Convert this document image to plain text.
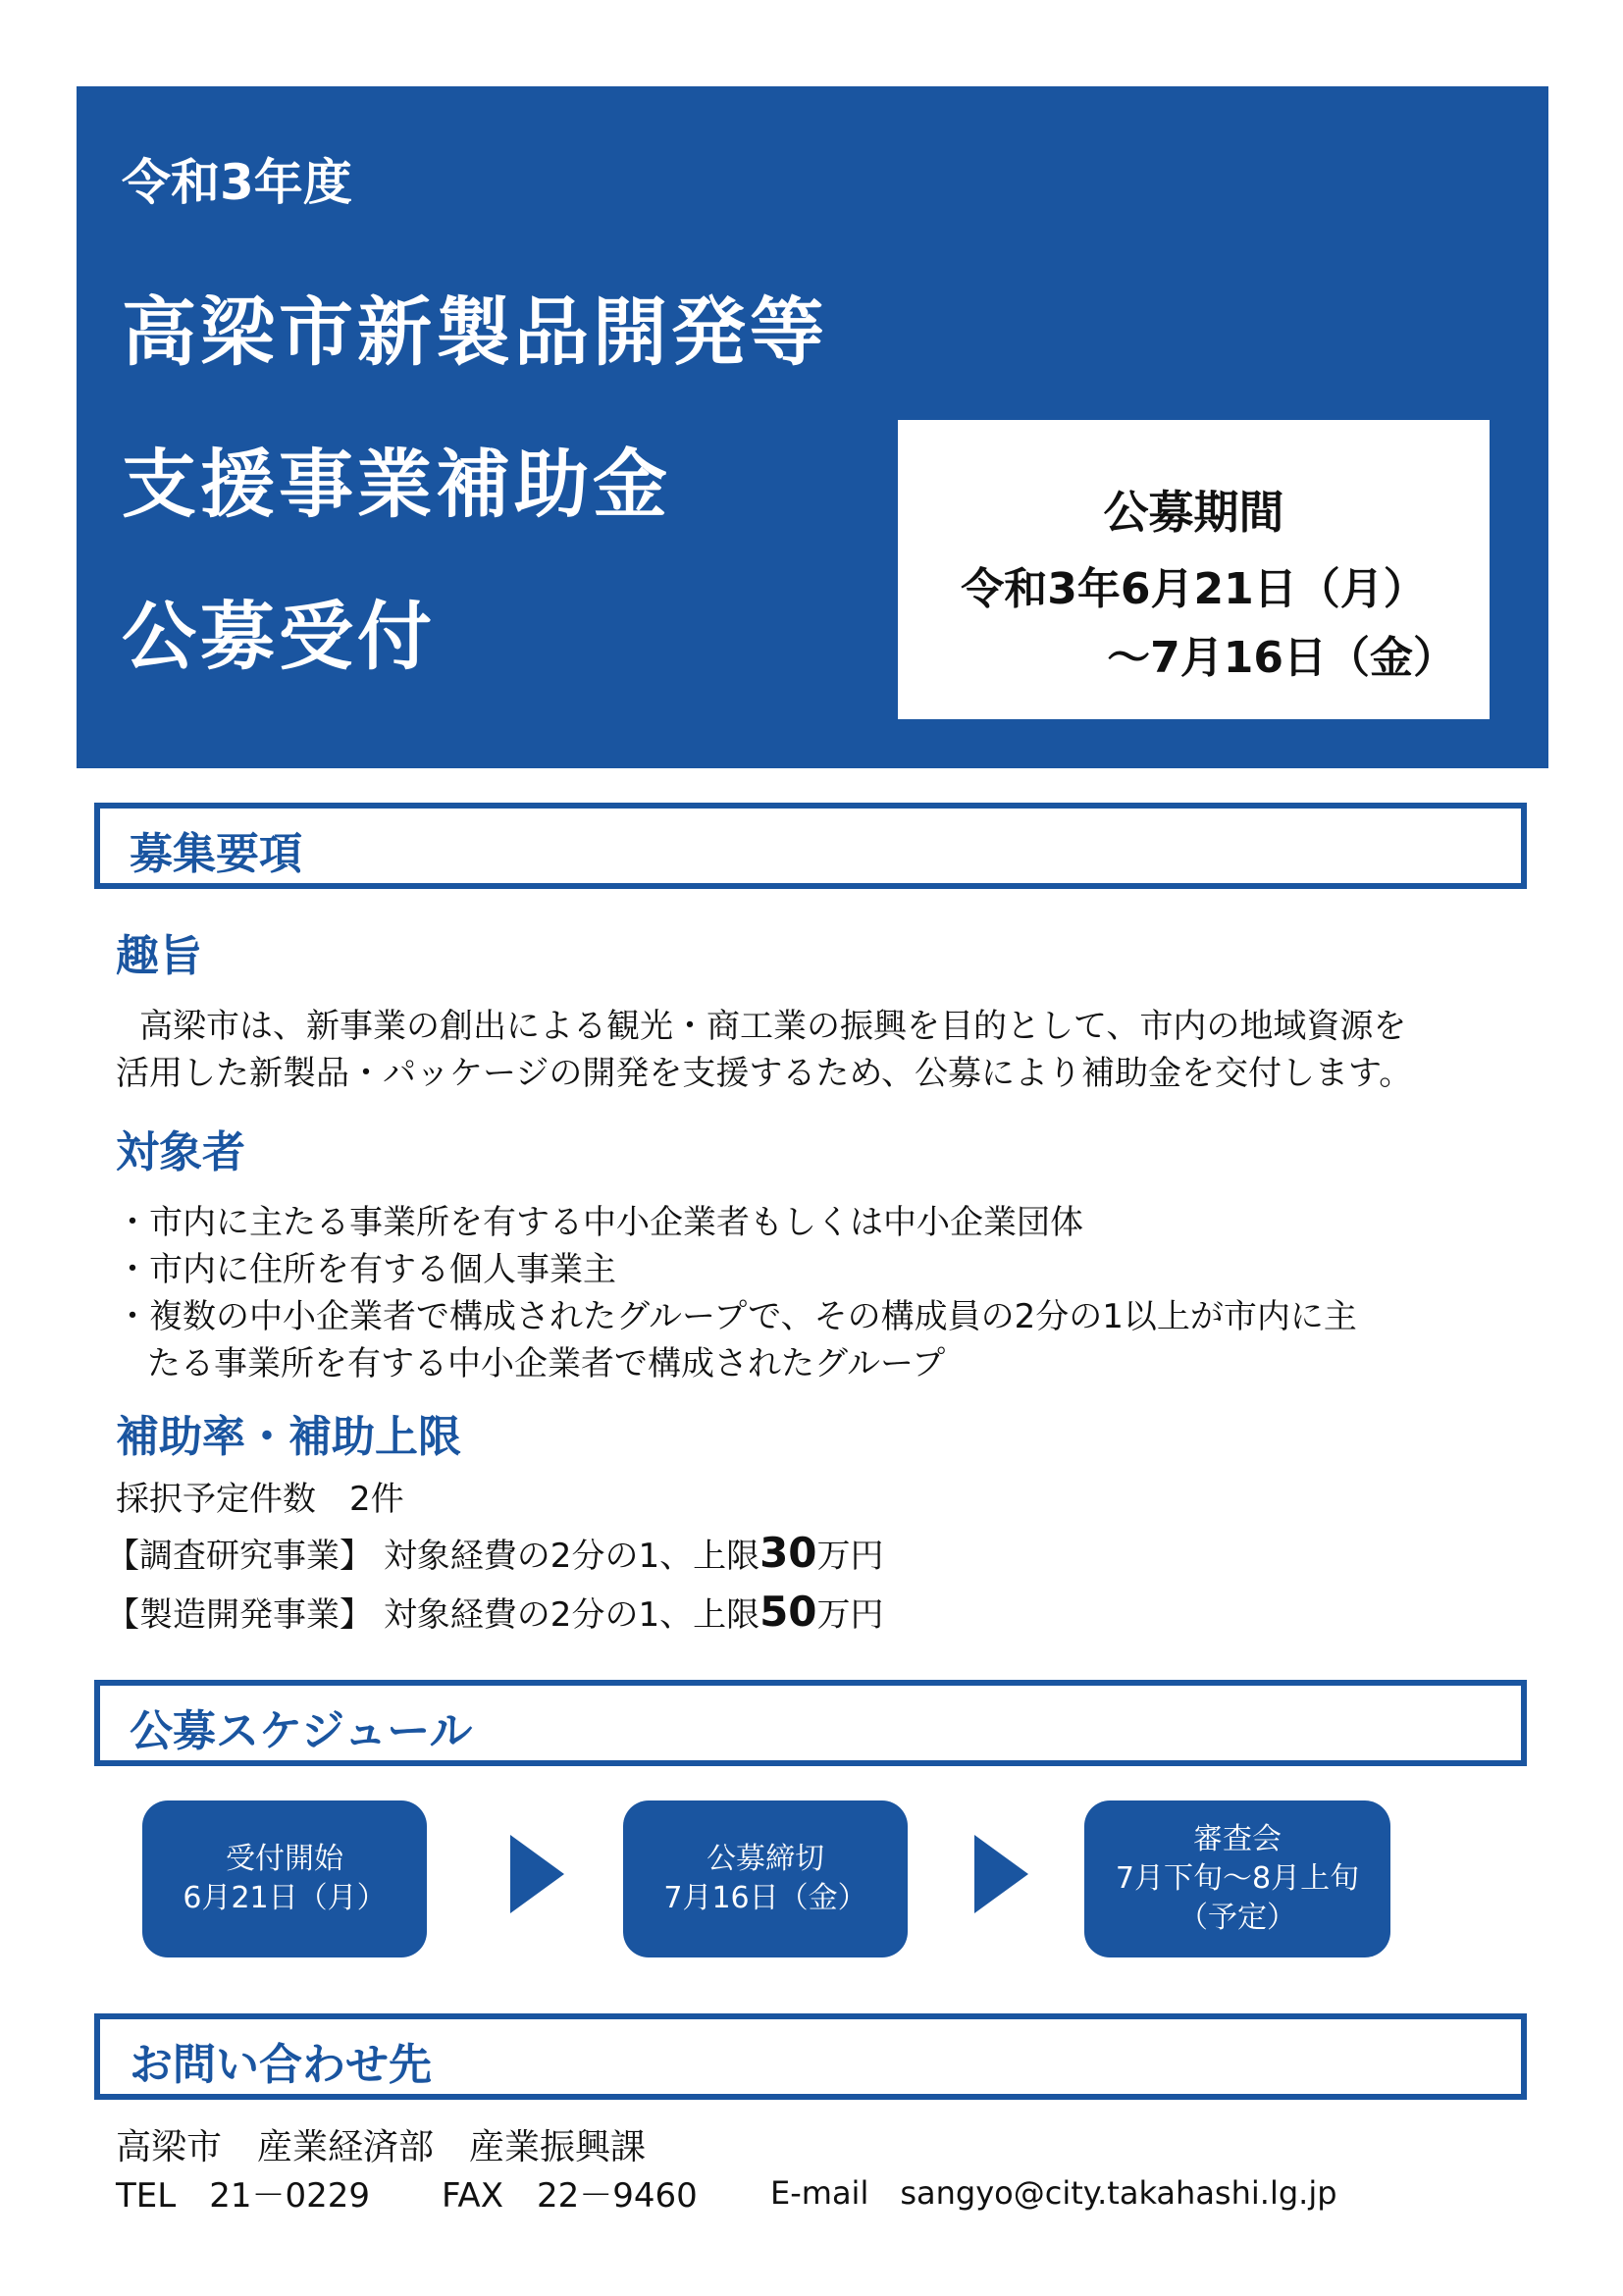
令和3年度
高梁市新製品開発等
支援事業補助金
公募受付
公募期間
令和3年6月21日（月）
～7月16日（金）
募集要項
趣旨
高梁市は、新事業の創出による観光・商工業の振興を目的として、市内の地域資源を
活用した新製品・パッケージの開発を支援するため、公募により補助金を交付します。
対象者
・市内に主たる事業所を有する中小企業者もしくは中小企業団体
・市内に住所を有する個人事業主
・複数の中小企業者で構成されたグループで、その構成員の2分の1以上が市内に主
たる事業所を有する中小企業者で構成されたグループ
補助率・補助上限
採択予定件数　2件
【調査研究事業】 対象経費の2分の1、上限30万円
【製造開発事業】 対象経費の2分の1、上限50万円
公募スケジュール
受付開始
6月21日（月）
公募締切
7月16日（金）
審査会
7月下旬～8月上旬
（予定）
お問い合わせ先
高梁市　産業経済部　産業振興課
TEL　21－0229 FAX　22－9460 E-mail　sangyo@city.takahashi.lg.jp
